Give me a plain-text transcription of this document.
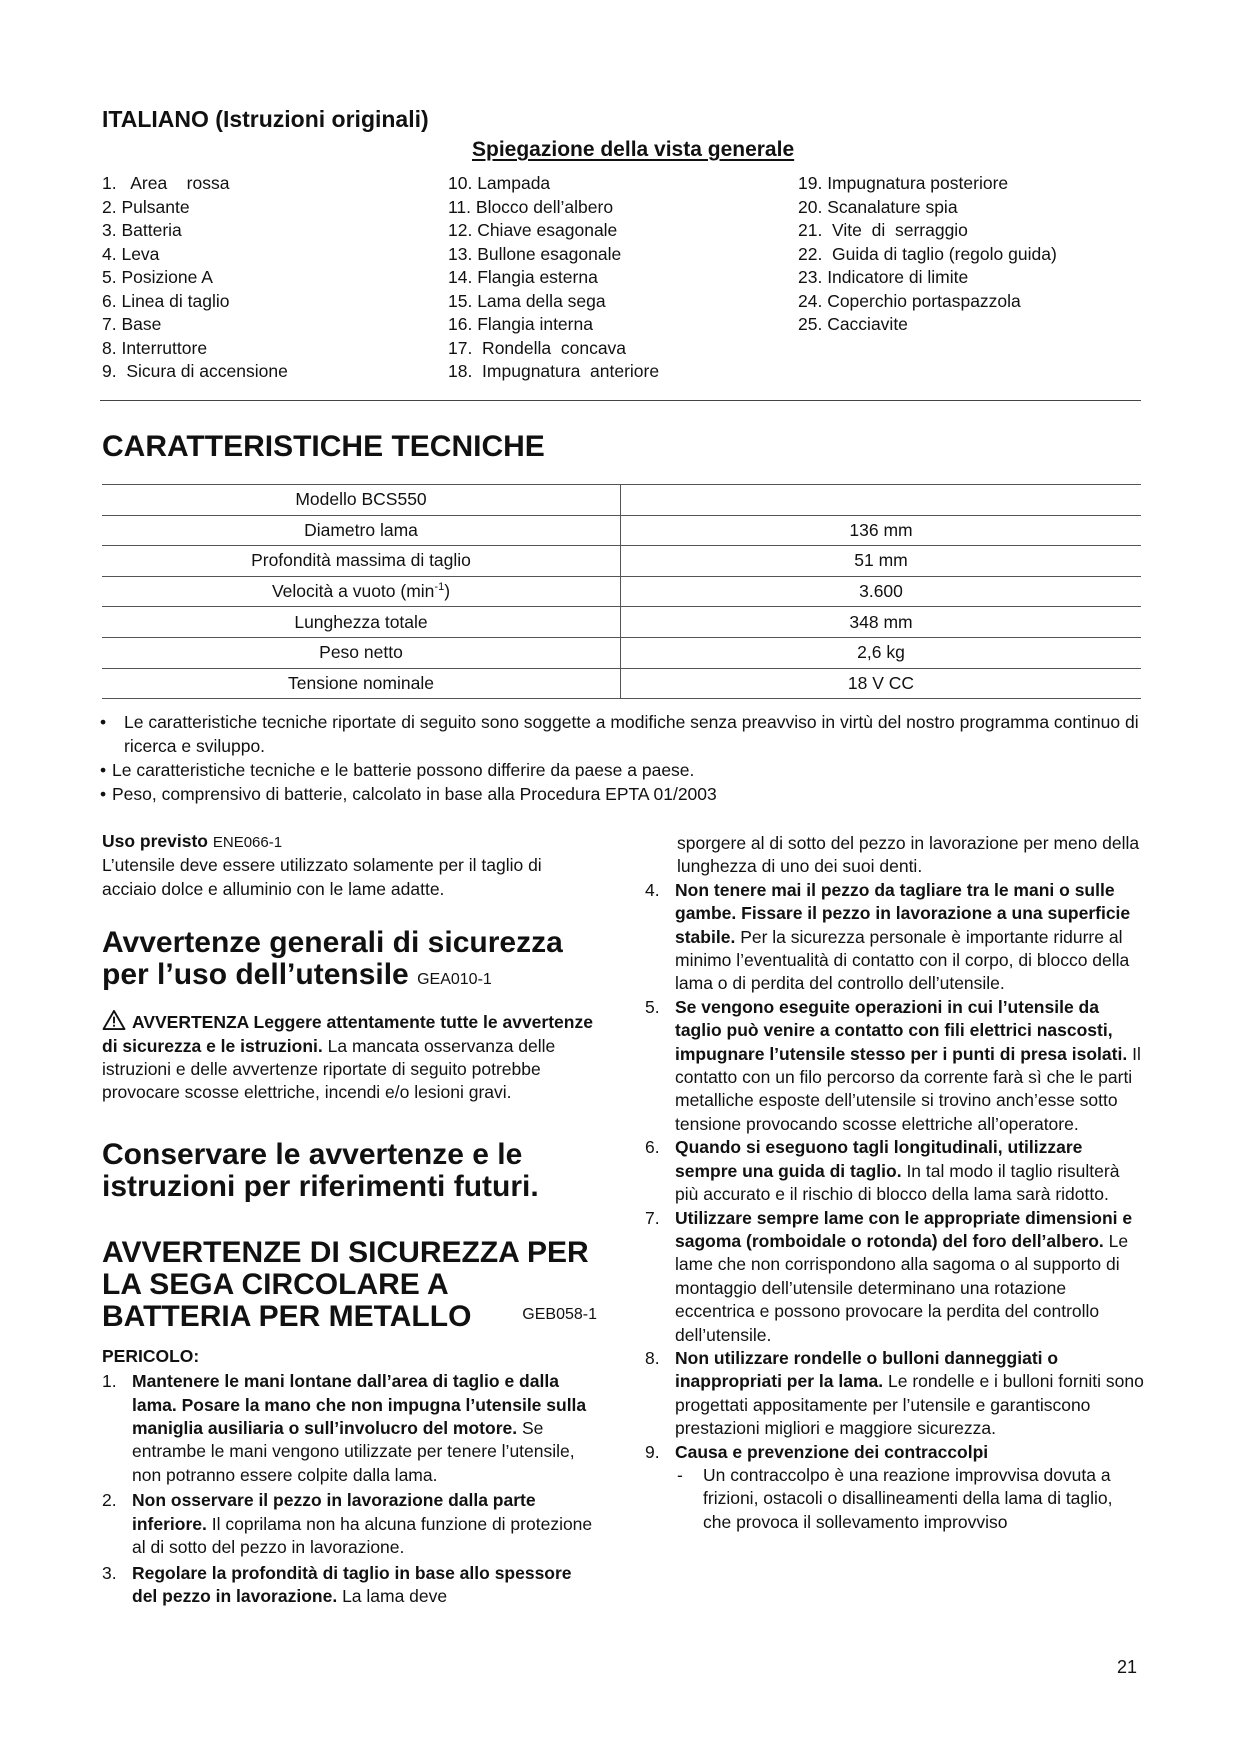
ITALIANO (Istruzioni originali)
Spiegazione della vista generale
1.   Area    rossa
2. Pulsante
3. Batteria
4. Leva
5. Posizione A
6. Linea di taglio
7. Base
8. Interruttore
9.  Sicura di accensione
10. Lampada
11. Blocco dell’albero
12. Chiave esagonale
13. Bullone esagonale
14. Flangia esterna
15. Lama della sega
16. Flangia interna
17.  Rondella  concava
18.  Impugnatura  anteriore
19. Impugnatura posteriore
20. Scanalature spia
21.  Vite  di  serraggio
22.  Guida di taglio (regolo guida)
23. Indicatore di limite
24. Coperchio portaspazzola
25. Cacciavite
CARATTERISTICHE TECNICHE
Modello BCS550	
Diametro lama	136 mm
Profondità massima di taglio	51 mm
Velocità a vuoto $(\min^{-1})$	3.600
Lunghezza totale	348 mm
Peso netto	2,6 kg
Tensione nominale	18 V CC
• Le caratteristiche tecniche riportate di seguito sono soggette a modifiche senza preavviso in virtù del nostro programma continuo di ricerca e sviluppo.
• Le caratteristiche tecniche e le batterie possono differire da paese a paese.
• Peso, comprensivo di batterie, calcolato in base alla Procedura EPTA 01/2003
Uso previsto ENE066-1
L’utensile deve essere utilizzato solamente per il taglio di acciaio dolce e alluminio con le lame adatte.
Avvertenze generali di sicurezza per l’uso dell’utensile GEA010-1
AVVERTENZA Leggere attentamente tutte le avvertenze di sicurezza e le istruzioni. La mancata osservanza delle istruzioni e delle avvertenze riportate di seguito potrebbe provocare scosse elettriche, incendi e/o lesioni gravi.
Conservare le avvertenze e le istruzioni per riferimenti futuri.
AVVERTENZE DI SICUREZZA PER LA SEGA CIRCOLARE A BATTERIA PER METALLO	GEB058-1
PERICOLO:
1. Mantenere le mani lontane dall’area di taglio e dalla lama. Posare la mano che non impugna l’utensile sulla maniglia ausiliaria o sull’involucro del motore. Se entrambe le mani vengono utilizzate per tenere l’utensile, non potranno essere colpite dalla lama.
2. Non osservare il pezzo in lavorazione dalla parte inferiore. Il coprilama non ha alcuna funzione di protezione al di sotto del pezzo in lavorazione.
3. Regolare la profondità di taglio in base allo spessore del pezzo in lavorazione. La lama deve
sporgere al di sotto del pezzo in lavorazione per meno della lunghezza di uno dei suoi denti.
4. Non tenere mai il pezzo da tagliare tra le mani o sulle gambe. Fissare il pezzo in lavorazione a una superficie stabile. Per la sicurezza personale è importante ridurre al minimo l’eventualità di contatto con il corpo, di blocco della lama o di perdita del controllo dell’utensile.
5. Se vengono eseguite operazioni in cui l’utensile da taglio può venire a contatto con fili elettrici nascosti, impugnare l’utensile stesso per i punti di presa isolati. Il contatto con un filo percorso da corrente farà sì che le parti metalliche esposte dell’utensile si trovino anch’esse sotto tensione provocando scosse elettriche all’operatore.
6. Quando si eseguono tagli longitudinali, utilizzare sempre una guida di taglio. In tal modo il taglio risulterà più accurato e il rischio di blocco della lama sarà ridotto.
7. Utilizzare sempre lame con le appropriate dimensioni e sagoma (romboidale o rotonda) del foro dell’albero. Le lame che non corrispondono alla sagoma o al supporto di montaggio dell’utensile determinano una rotazione eccentrica e possono provocare la perdita del controllo dell’utensile.
8. Non utilizzare rondelle o bulloni danneggiati o inappropriati per la lama. Le rondelle e i bulloni forniti sono progettati appositamente per l’utensile e garantiscono prestazioni migliori e maggiore sicurezza.
9. Causa e prevenzione dei contraccolpi
- Un contraccolpo è una reazione improvvisa dovuta a frizioni, ostacoli o disallineamenti della lama di taglio, che provoca il sollevamento improvviso
21
